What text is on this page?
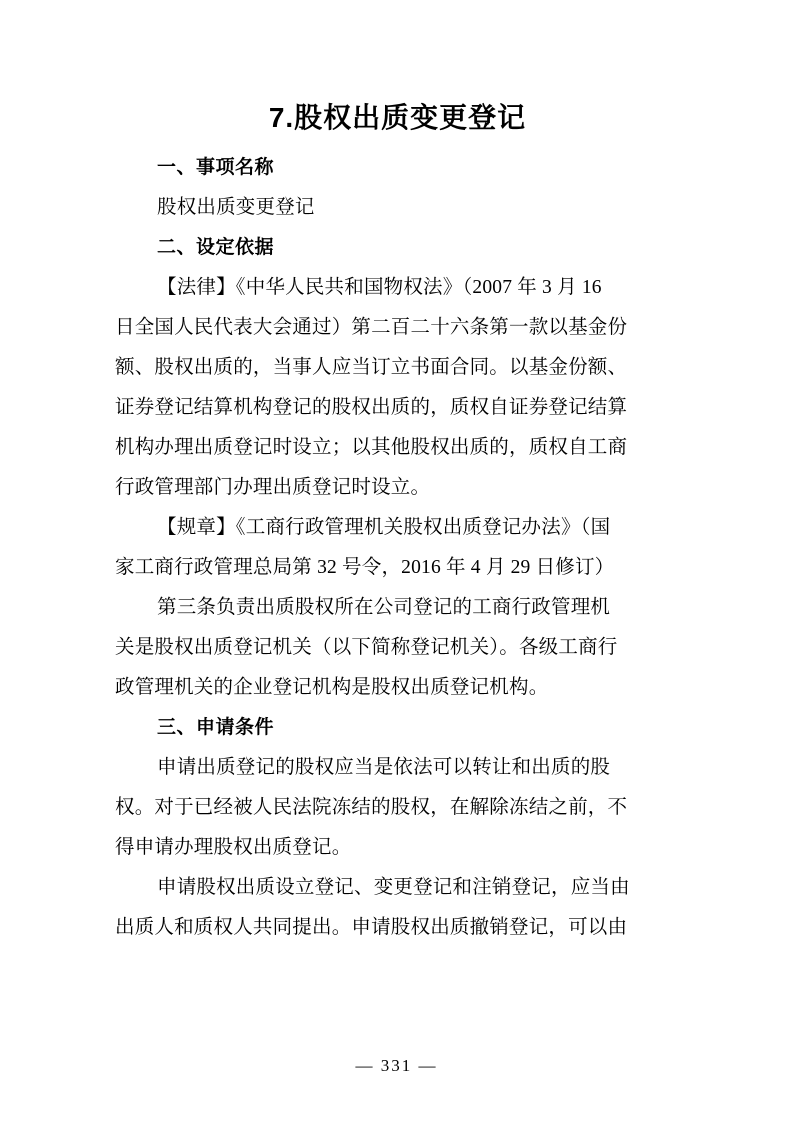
7.股权出质变更登记
一、事项名称
股权出质变更登记
二、设定依据
【法律】《中华人民共和国物权法》（2007 年 3 月 16
日全国人民代表大会通过）第二百二十六条第一款以基金份
额、股权出质的，当事人应当订立书面合同。以基金份额、
证券登记结算机构登记的股权出质的，质权自证券登记结算
机构办理出质登记时设立；以其他股权出质的，质权自工商
行政管理部门办理出质登记时设立。
【规章】《工商行政管理机关股权出质登记办法》（国
家工商行政管理总局第 32 号令，2016 年 4 月 29 日修订）
第三条负责出质股权所在公司登记的工商行政管理机
关是股权出质登记机关（以下简称登记机关）。各级工商行
政管理机关的企业登记机构是股权出质登记机构。
三、申请条件
申请出质登记的股权应当是依法可以转让和出质的股
权。对于已经被人民法院冻结的股权，在解除冻结之前，不
得申请办理股权出质登记。
申请股权出质设立登记、变更登记和注销登记，应当由
出质人和质权人共同提出。申请股权出质撤销登记，可以由
— 331 —
